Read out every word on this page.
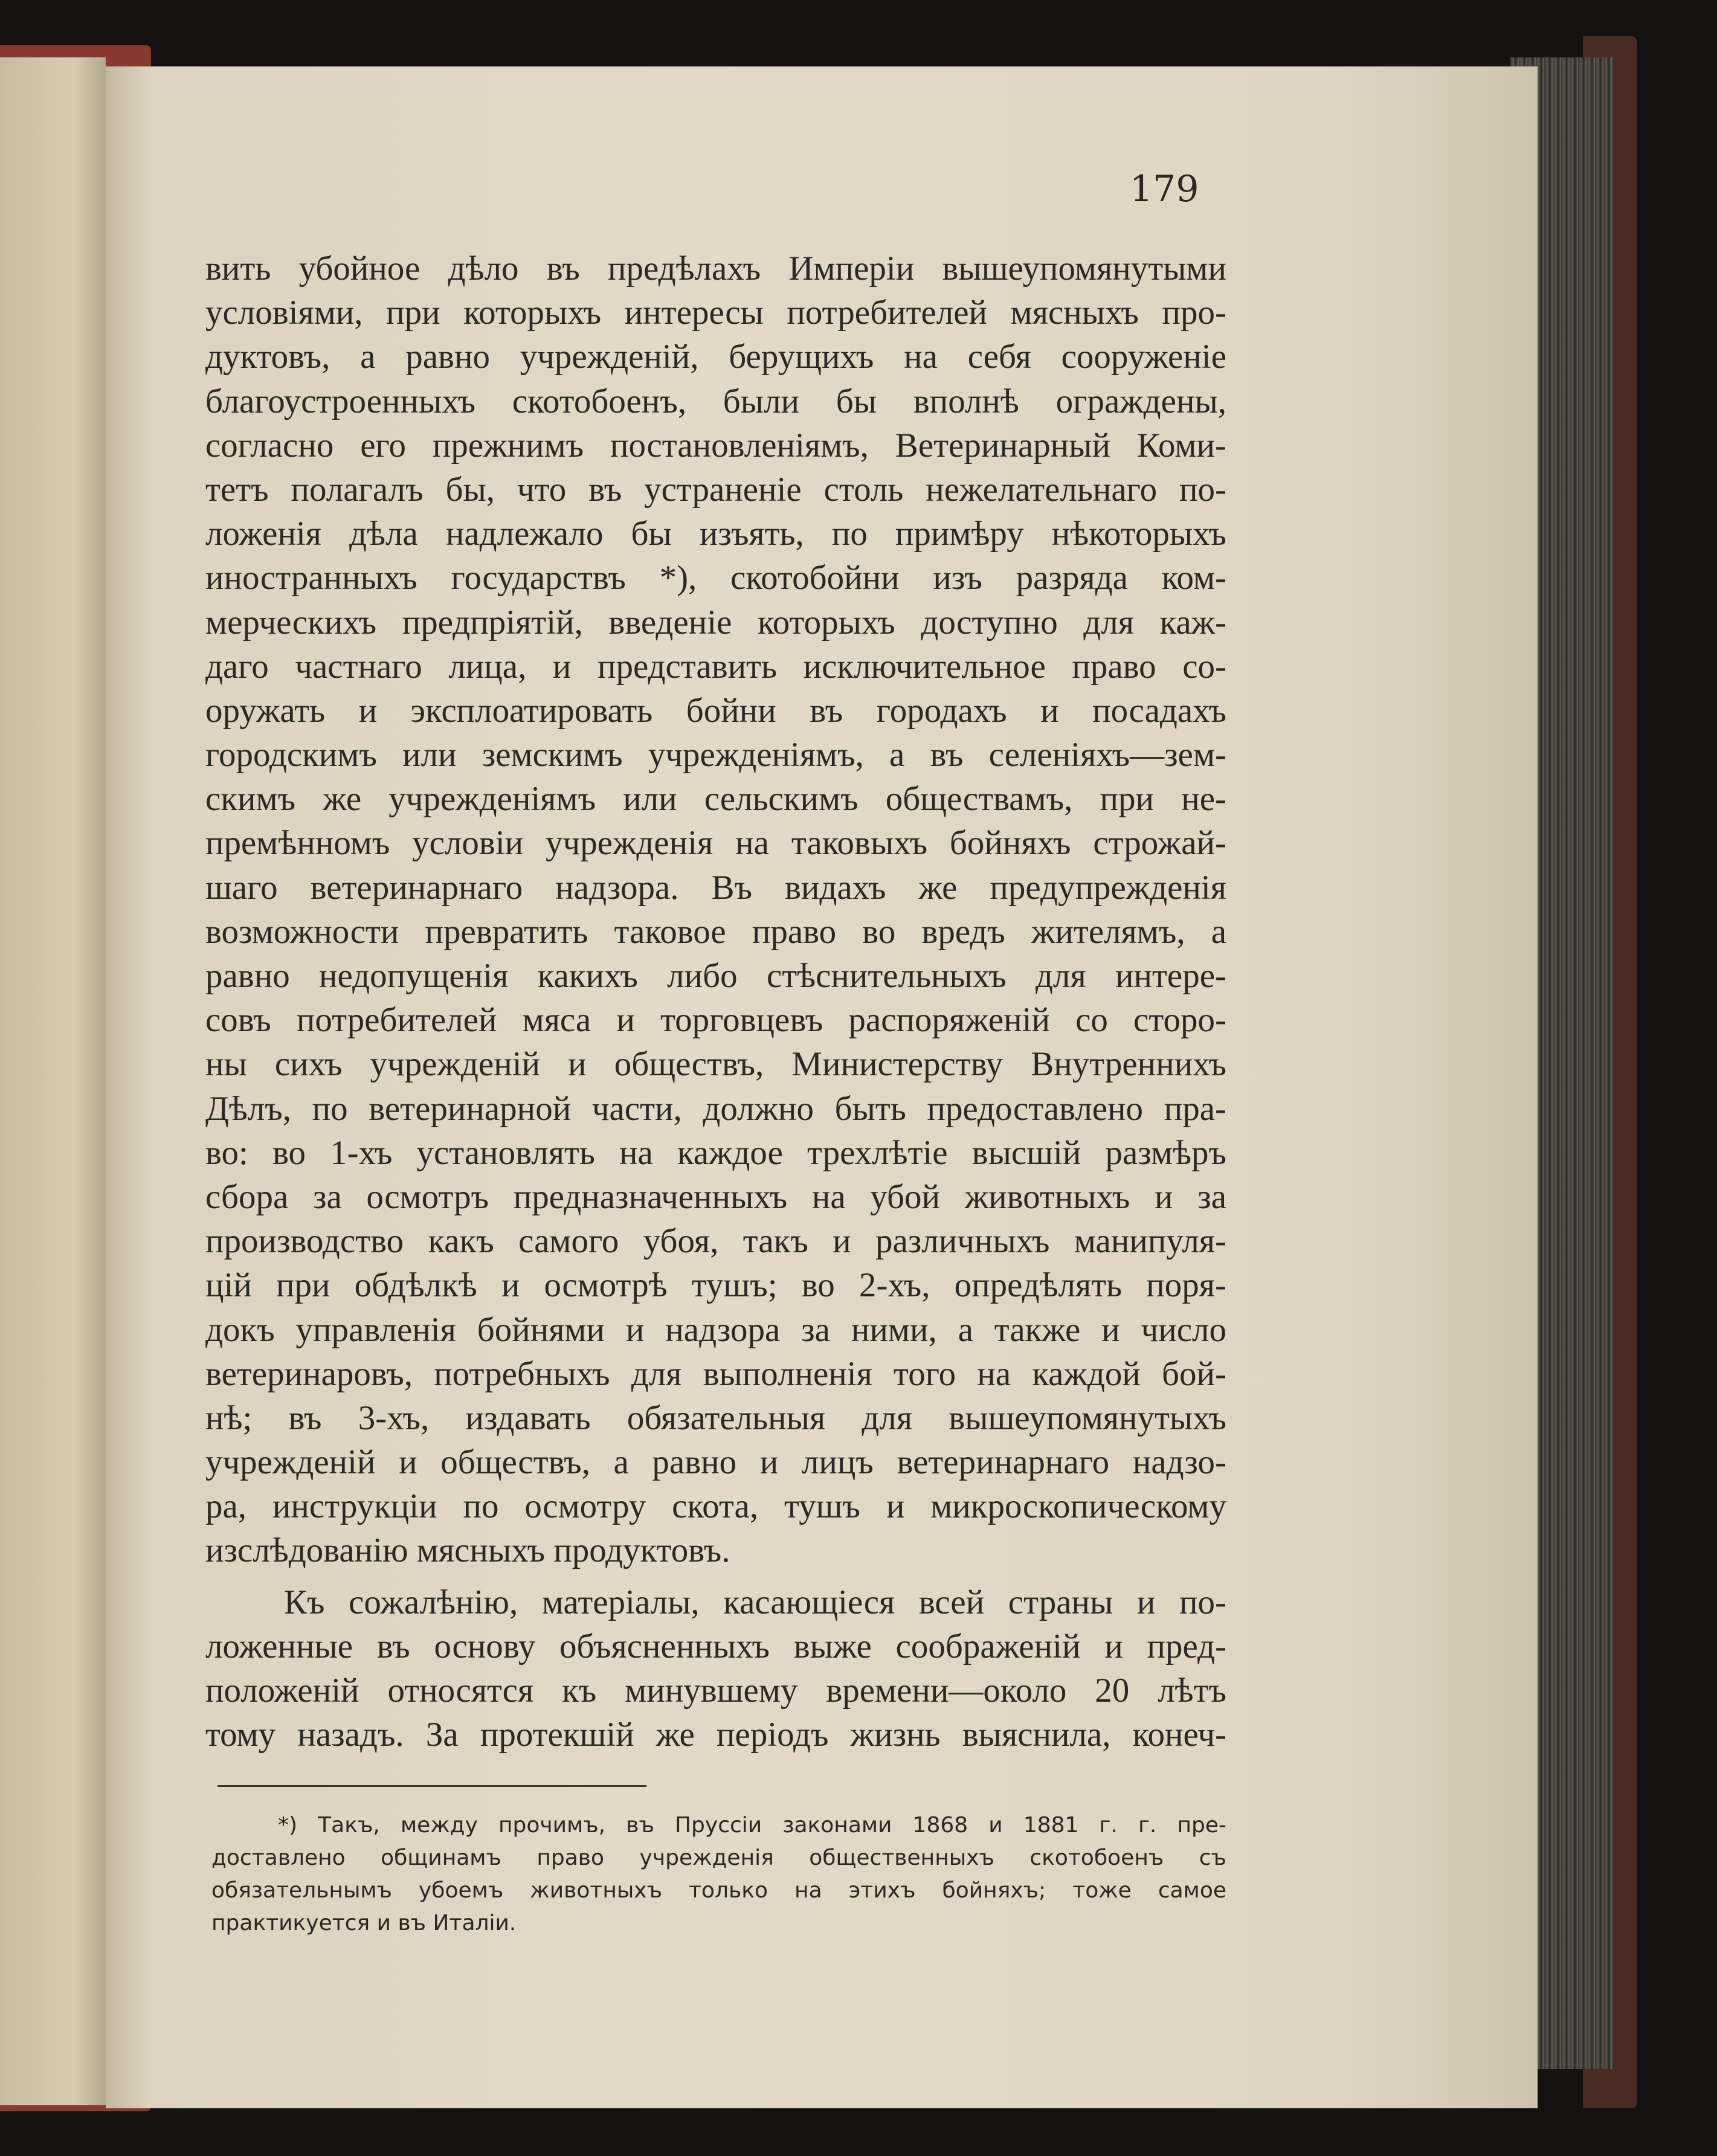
179

вить убойное дѣло въ предѣлахъ Имперіи вышеупомянутыми
условіями, при которыхъ интересы потребителей мясныхъ про-
дуктовъ, а равно учрежденій, берущихъ на себя сооруженіе
благоустроенныхъ скотобоенъ, были бы вполнѣ ограждены,
согласно его прежнимъ постановленіямъ, Ветеринарный Коми-
тетъ полагалъ бы, что въ устраненіе столь нежелательнаго по-
ложенія дѣла надлежало бы изъять, по примѣру нѣкоторыхъ
иностранныхъ государствъ *), скотобойни изъ разряда ком-
мерческихъ предпріятій, введеніе которыхъ доступно для каж-
даго частнаго лица, и представить исключительное право со-
оружать и эксплоатировать бойни въ городахъ и посадахъ
городскимъ или земскимъ учрежденіямъ, а въ селеніяхъ—зем-
скимъ же учрежденіямъ или сельскимъ обществамъ, при не-
премѣнномъ условіи учрежденія на таковыхъ бойняхъ строжай-
шаго ветеринарнаго надзора. Въ видахъ же предупрежденія
возможности превратить таковое право во вредъ жителямъ, а
равно недопущенія какихъ либо стѣснительныхъ для интере-
совъ потребителей мяса и торговцевъ распоряженій со сторо-
ны сихъ учрежденій и обществъ, Министерству Внутреннихъ
Дѣлъ, по ветеринарной части, должно быть предоставлено пра-
во: во 1-хъ установлять на каждое трехлѣтіе высшій размѣръ
сбора за осмотръ предназначенныхъ на убой животныхъ и за
производство какъ самого убоя, такъ и различныхъ манипуля-
цій при обдѣлкѣ и осмотрѣ тушъ; во 2-хъ, опредѣлять поря-
докъ управленія бойнями и надзора за ними, а также и число
ветеринаровъ, потребныхъ для выполненія того на каждой бой-
нѣ; въ 3-хъ, издавать обязательныя для вышеупомянутыхъ
учрежденій и обществъ, а равно и лицъ ветеринарнаго надзо-
ра, инструкціи по осмотру скота, тушъ и микроскопическому
изслѣдованію мясныхъ продуктовъ.
Къ сожалѣнію, матеріалы, касающіеся всей страны и по-
ложенные въ основу объясненныхъ выже соображеній и пред-
положеній относятся къ минувшему времени—около 20 лѣтъ
тому назадъ. За протекшій же періодъ жизнь выяснила, конеч-
*) Такъ, между прочимъ, въ Пруссіи законами 1868 и 1881 г. г. пре-
доставлено общинамъ право учрежденія общественныхъ скотобоенъ съ
обязательнымъ убоемъ животныхъ только на этихъ бойняхъ; тоже самое
практикуется и въ Италіи.
